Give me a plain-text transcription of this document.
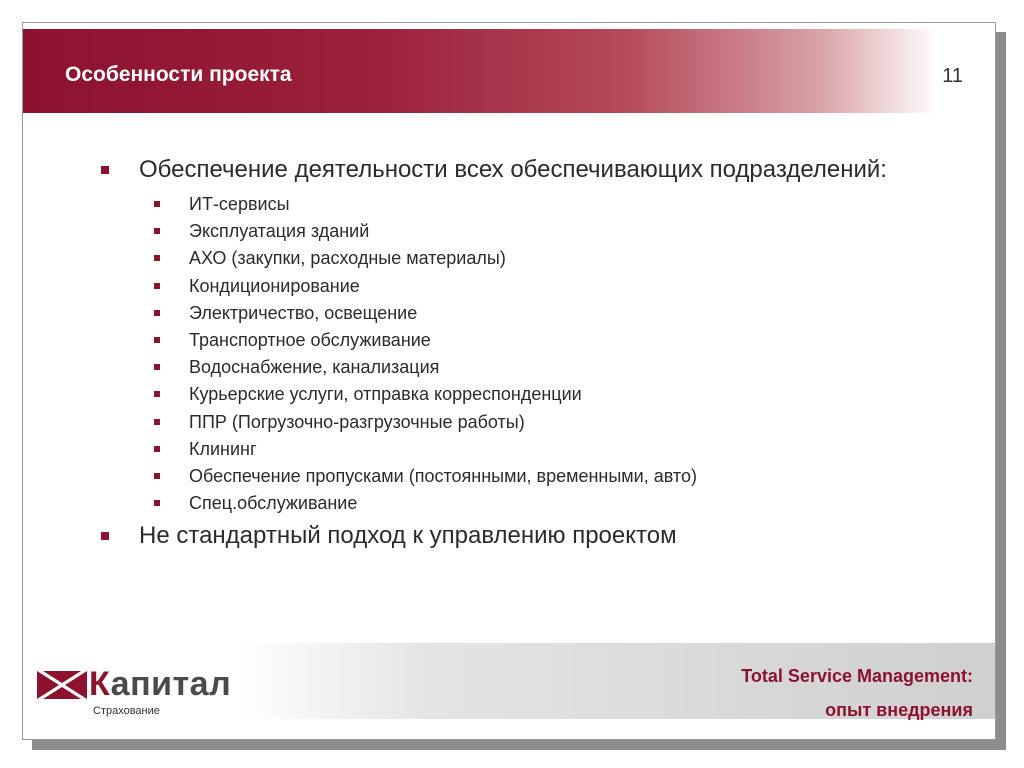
Особенности проекта	11

Обеспечение деятельности всех обеспечивающих подразделений:

ИТ-сервисы
Эксплуатация зданий
АХО (закупки, расходные материалы)
Кондиционирование
Электричество, освещение
Транспортное обслуживание
Водоснабжение, канализация
Курьерские услуги, отправка корреспонденции
ППР (Погрузочно-разгрузочные работы)
Клининг
Обеспечение пропусками (постоянными, временными, авто)
Спец.обслуживание

Не стандартный подход к управлению проектом

Total Service Management:
опыт внедрения
Капитал
Страхование
